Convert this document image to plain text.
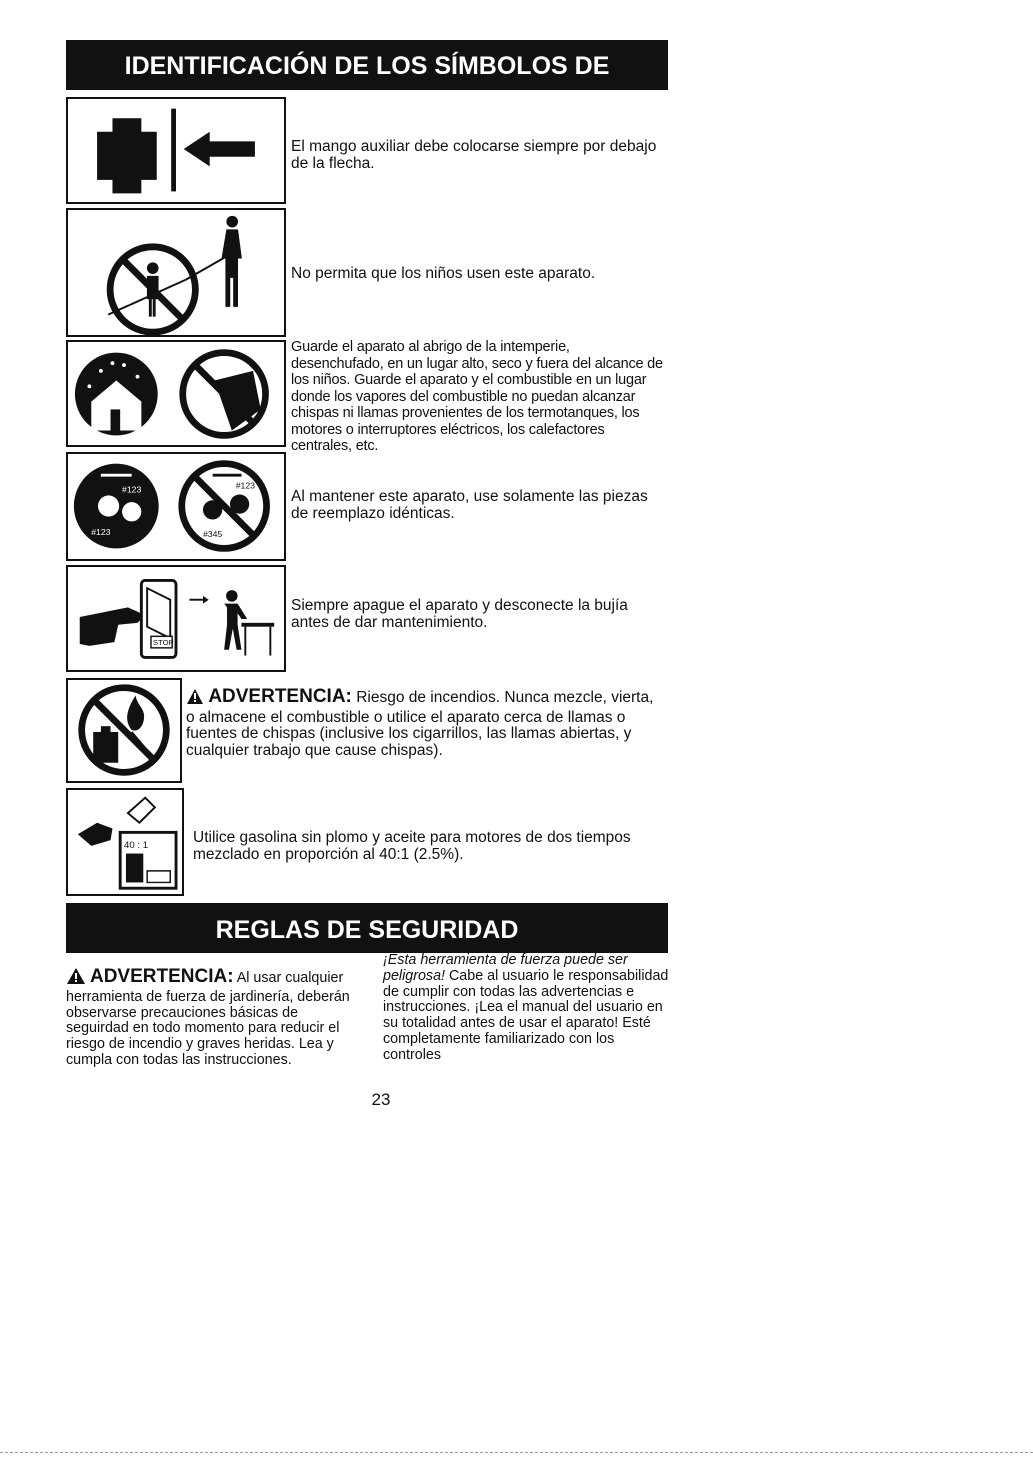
IDENTIFICACIÓN DE LOS SÍMBOLOS DE SEGURIDAD
El mango auxiliar debe colocarse siempre por debajo de la flecha.
No permita que los niños usen este aparato.
Guarde el aparato al abrigo de la intemperie, desenchufado, en un lugar alto, seco y fuera del alcance de los niños. Guarde el aparato y el combustible en un lugar donde los vapores del combustible no puedan alcanzar chispas ni llamas provenientes de los termotanques, los motores o interruptores eléctricos, los calefactores centrales, etc.
#123
#123
#123
#345
Al mantener este aparato, use solamente las piezas de reemplazo idénticas.
STOP
Siempre apague el aparato y desconecte la bujía antes de dar mantenimiento.
ADVERTENCIA: Riesgo de incendios. Nunca mezcle, vierta, o almacene el combustible o utilice el aparato cerca de llamas o fuentes de chispas (inclusive los cigarrillos, las llamas abiertas, y cualquier trabajo que cause chispas).
40 : 1	Utilice gasolina sin plomo y aceite para motores de dos tiempos mezclado en proporción al 40:1 (2.5%).
REGLAS DE SEGURIDAD
ADVERTENCIA: Al usar cualquier herramienta de fuerza de jardinería, deberán observarse precauciones básicas de seguirdad en todo momento para reducir el riesgo de incendio y graves heridas. Lea y cumpla con todas las instrucciones.
¡Esta herramienta de fuerza puede ser peligrosa! Cabe al usuario le responsabilidad de cumplir con todas las advertencias e instrucciones. ¡Lea el manual del usuario en su totalidad antes de usar el aparato! Esté completamente familiarizado con los controles
23
